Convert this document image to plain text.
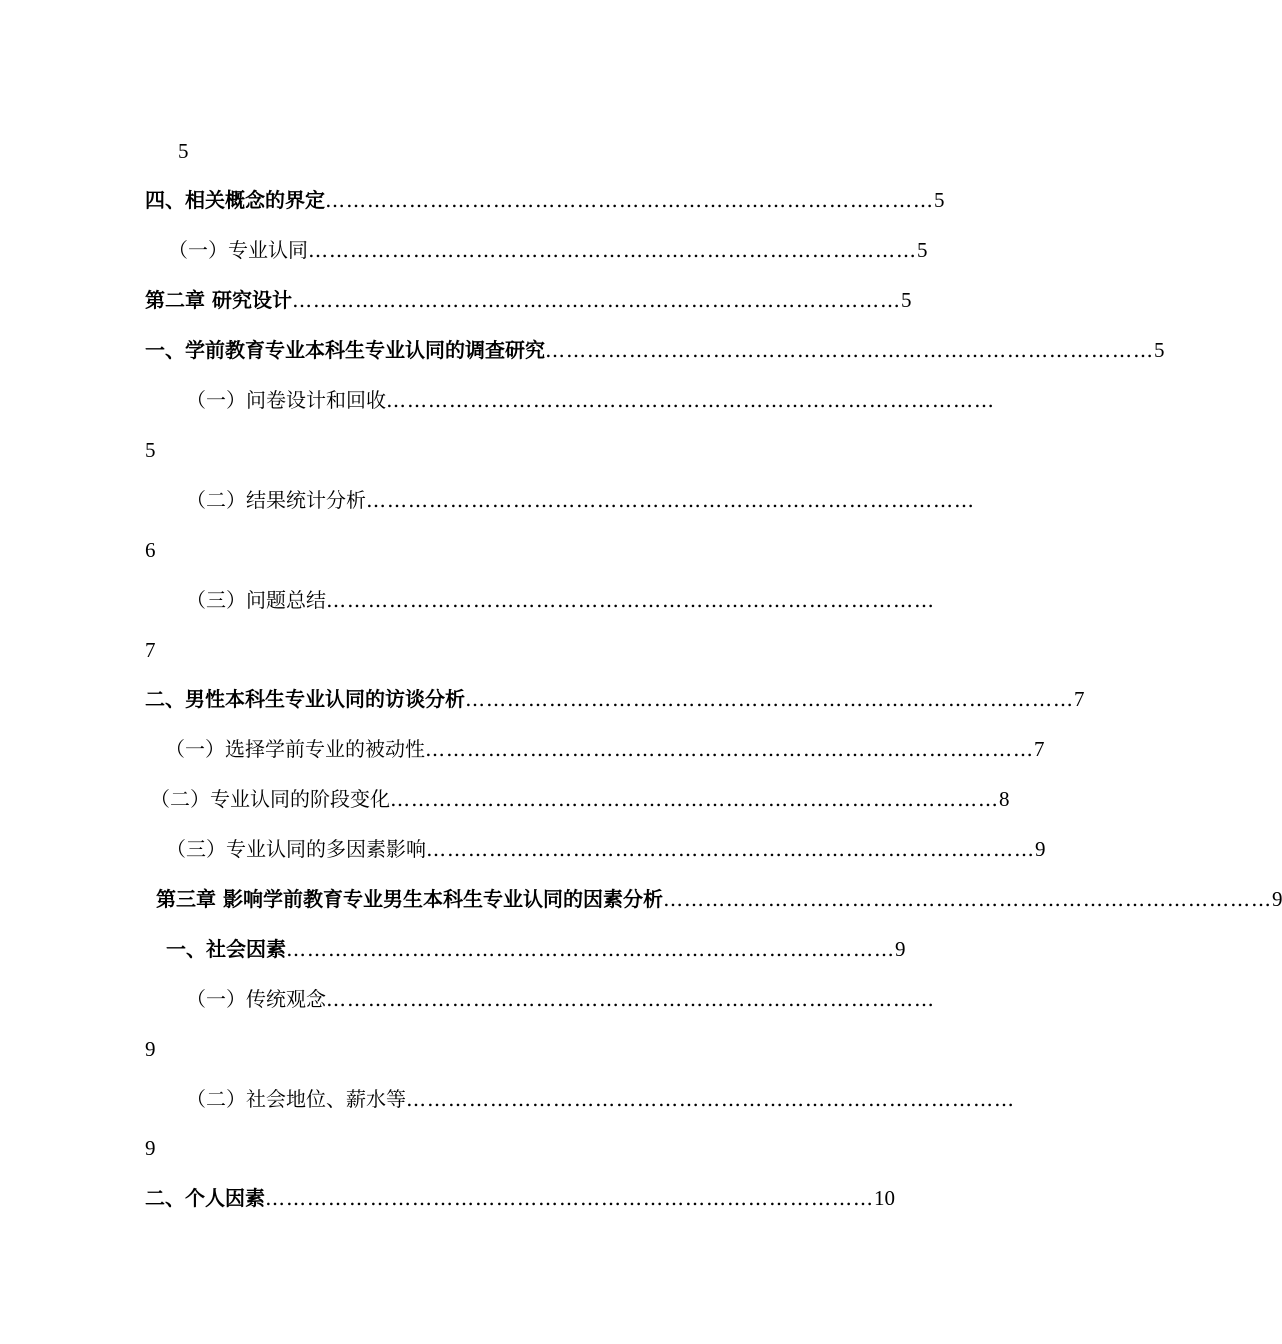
5
四、相关概念的界定 …………………………………………………………………………… 5
（一）专业认同 …………………………………………………………………………… 5
第二章 研究设计 …………………………………………………………………………… 5
一、学前教育专业本科生专业认同的调查研究 …………………………………………………………………………… 5
（一）问卷设计和回收 ……………………………………………………………………………
5
（二）结果统计分析 ……………………………………………………………………………
6
（三）问题总结 ……………………………………………………………………………
7
二、男性本科生专业认同的访谈分析 …………………………………………………………………………… 7
（一）选择学前专业的被动性 …………………………………………………………………………… 7
（二）专业认同的阶段变化 …………………………………………………………………………… 8
（三）专业认同的多因素影响 …………………………………………………………………………… 9
第三章 影响学前教育专业男生本科生专业认同的因素分析 …………………………………………………………………………… 9
一、社会因素 …………………………………………………………………………… 9
（一）传统观念 ……………………………………………………………………………
9
（二）社会地位、薪水等 ……………………………………………………………………………
9
二、个人因素 …………………………………………………………………………… 10
